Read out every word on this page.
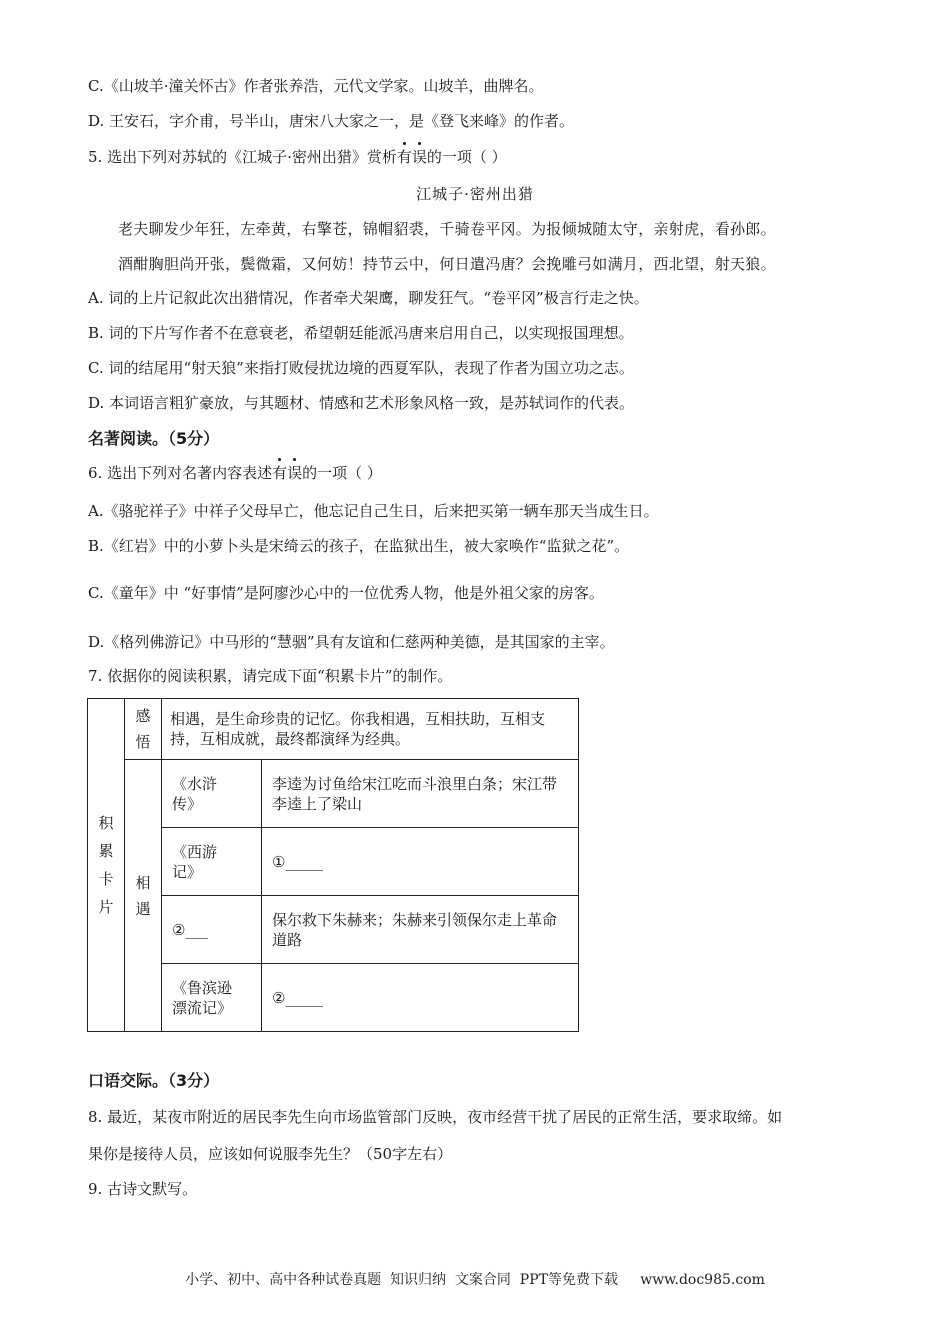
C.《山坡羊·潼关怀古》作者张养浩，元代文学家。山坡羊，曲牌名。
D. 王安石，字介甫，号半山，唐宋八大家之一，是《登飞来峰》的作者。
5. 选出下列对苏轼的《江城子·密州出猎》赏析有误的一项（ ）
江城子·密州出猎
老夫聊发少年狂，左牵黄，右擎苍，锦帽貂裘，千骑卷平冈。为报倾城随太守，亲射虎，看孙郎。
酒酣胸胆尚开张，鬓微霜，又何妨！持节云中，何日遣冯唐？会挽雕弓如满月，西北望，射天狼。
A. 词的上片记叙此次出猎情况，作者牵犬架鹰，聊发狂气。“卷平冈”极言行走之快。
B. 词的下片写作者不在意衰老，希望朝廷能派冯唐来启用自己，以实现报国理想。
C. 词的结尾用“射天狼”来指打败侵扰边境的西夏军队，表现了作者为国立功之志。
D. 本词语言粗犷豪放，与其题材、情感和艺术形象风格一致，是苏轼词作的代表。
名著阅读。（5分）
6. 选出下列对名著内容表述有误的一项（ ）
A.《骆驼祥子》中祥子父母早亡，他忘记自己生日，后来把买第一辆车那天当成生日。
B.《红岩》中的小萝卜头是宋绮云的孩子，在监狱出生，被大家唤作“监狱之花”。
C.《童年》中 “好事情”是阿廖沙心中的一位优秀人物，他是外祖父家的房客。
D.《格列佛游记》中马形的“慧骃”具有友谊和仁慈两种美德，是其国家的主宰。
7. 依据你的阅读积累，请完成下面“积累卡片”的制作。
积累卡片	感悟	相遇，是生命珍贵的记忆。你我相遇，互相扶助，互相支持，互相成就，最终都演绎为经典。	

	相遇	《水浒传》	李逵为讨鱼给宋江吃而斗浪里白条；宋江带李逵上了梁山

		《西游记》	①_____

		②___	保尔救下朱赫来；朱赫来引领保尔走上革命道路

		《鲁滨逊漂流记》	②_____
口语交际。（3分）
8. 最近，某夜市附近的居民李先生向市场监管部门反映，夜市经营干扰了居民的正常生活，要求取缔。如
果你是接待人员，应该如何说服李先生？（50字左右）
9. 古诗文默写。
小学、初中、高中各种试卷真题  知识归纳  文案合同  PPT等免费下载     www.doc985.com
